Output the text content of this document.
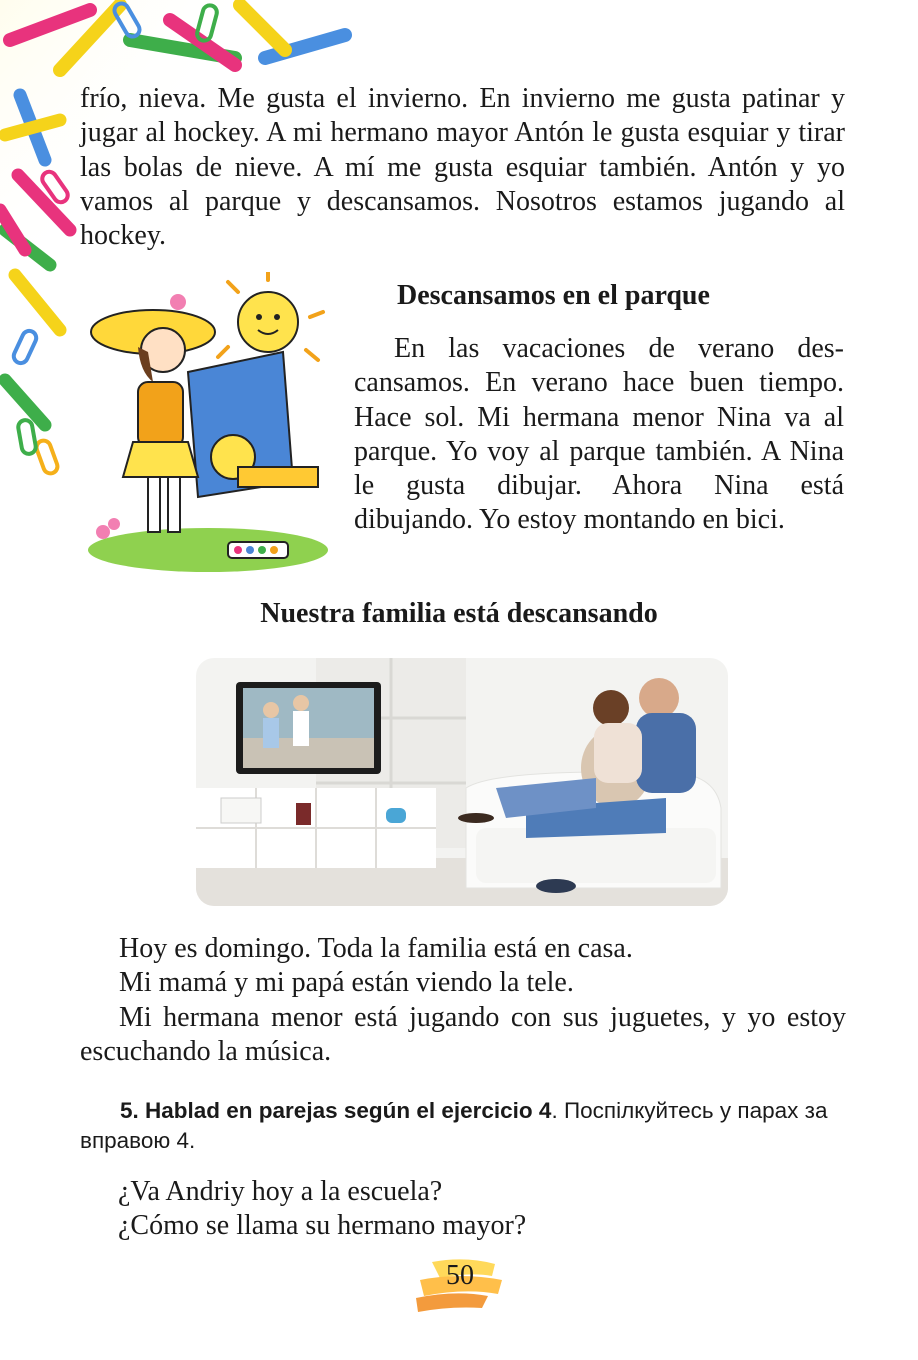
frío, nieva. Me gusta el invierno. En invierno me gusta patinar y jugar al hockey. A mi hermano mayor Antón le gusta esquiar y tirar las bolas de nieve. A mí me gusta esquiar también. Antón y yo vamos al parque y descansamos. Nosotros estamos jugando al hockey.

Descansamos en el parque

En las vacaciones de verano descansamos. En verano hace buen tiempo. Hace sol. Mi hermana menor Nina va al parque. Yo voy al parque también. A Nina le gusta dibujar. Ahora Nina está dibujando. Yo estoy montando en bici.

Nuestra familia está descansando

Hoy es domingo. Toda la familia está en casa.

Mi mamá y mi papá están viendo la tele.

Mi hermana menor está jugando con sus juguetes, y yo estoy escuchando la música.

5. Hablad en parejas según el ejercicio 4. Поспілкуйтесь у парах за вправою 4.

¿Va Andriy hoy a la escuela?
¿Cómo se llama su hermano mayor?
50
